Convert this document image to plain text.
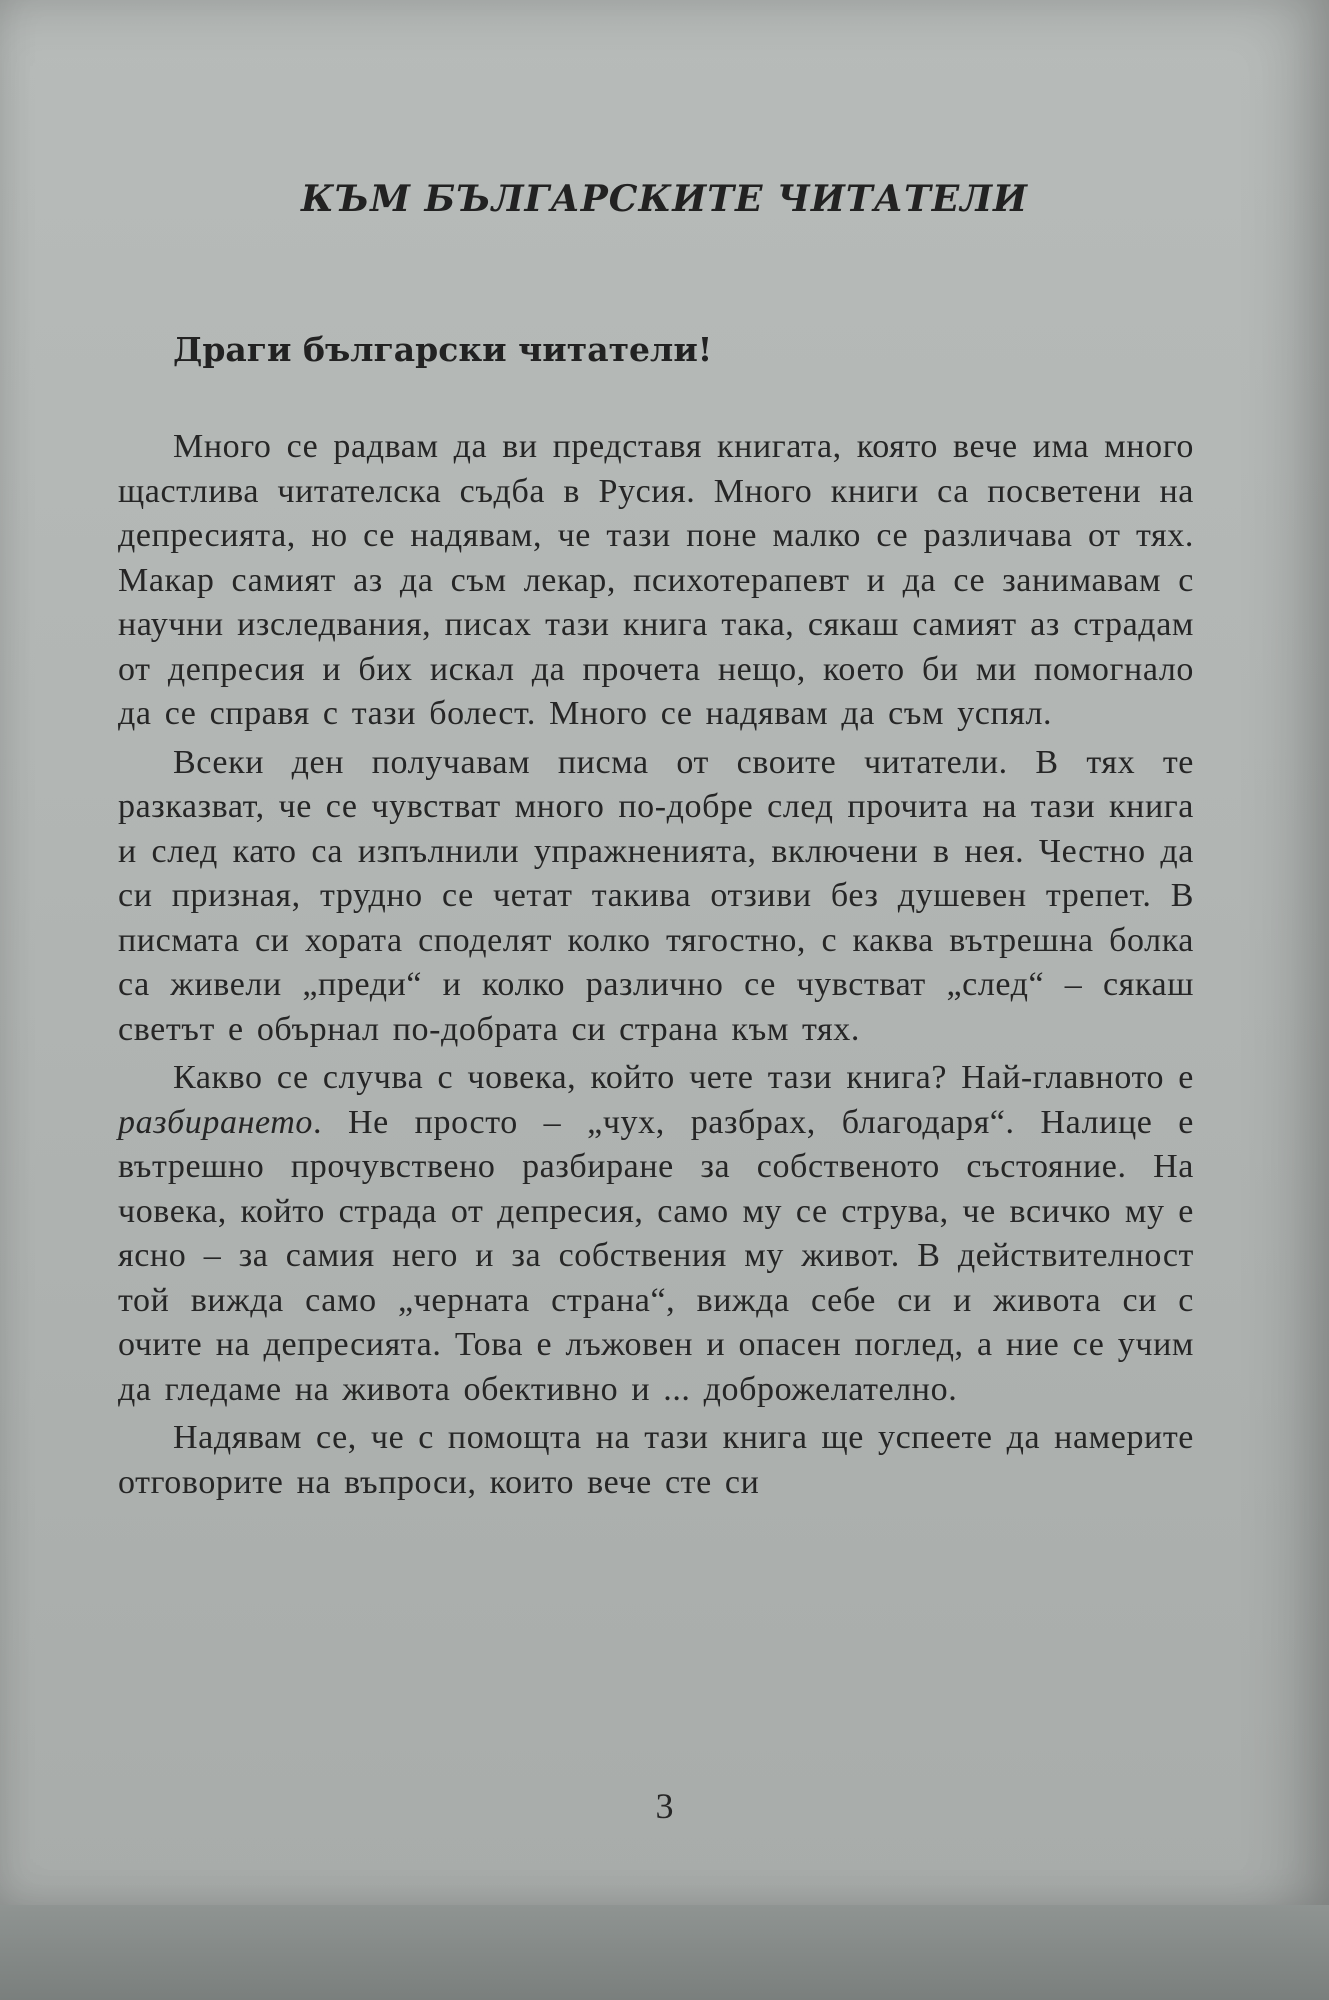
КЪМ БЪЛГАРСКИТЕ ЧИТАТЕЛИ

Драги български читатели!

Много се радвам да ви представя книгата, която вече има много щастлива читателска съдба в Русия. Много книги са посветени на депресията, но се надявам, че тази поне малко се различава от тях. Макар самият аз да съм лекар, психотерапевт и да се занимавам с научни изследвания, писах тази книга така, сякаш самият аз страдам от депресия и бих искал да прочета нещо, което би ми помогнало да се справя с тази болест. Много се надявам да съм успял.

Всеки ден получавам писма от своите читатели. В тях те разказват, че се чувстват много по-добре след прочита на тази книга и след като са изпълнили упражненията, включени в нея. Честно да си призная, трудно се четат такива отзиви без душевен трепет. В писмата си хората споделят колко тягостно, с каква вътрешна болка са живели „преди“ и колко различно се чувстват „след“ – сякаш светът е обърнал по-добрата си страна към тях.

Какво се случва с човека, който чете тази книга? Най-главното е разбирането. Не просто – „чух, разбрах, благодаря“. Налице е вътрешно прочувствено разбиране за собственото състояние. На човека, който страда от депресия, само му се струва, че всичко му е ясно – за самия него и за собствения му живот. В действителност той вижда само „черната страна“, вижда себе си и живота си с очите на депресията. Това е лъжовен и опасен поглед, а ние се учим да гледаме на живота обективно и ... доброжелателно.

Надявам се, че с помощта на тази книга ще успеете да намерите отговорите на въпроси, които вече сте си

3
